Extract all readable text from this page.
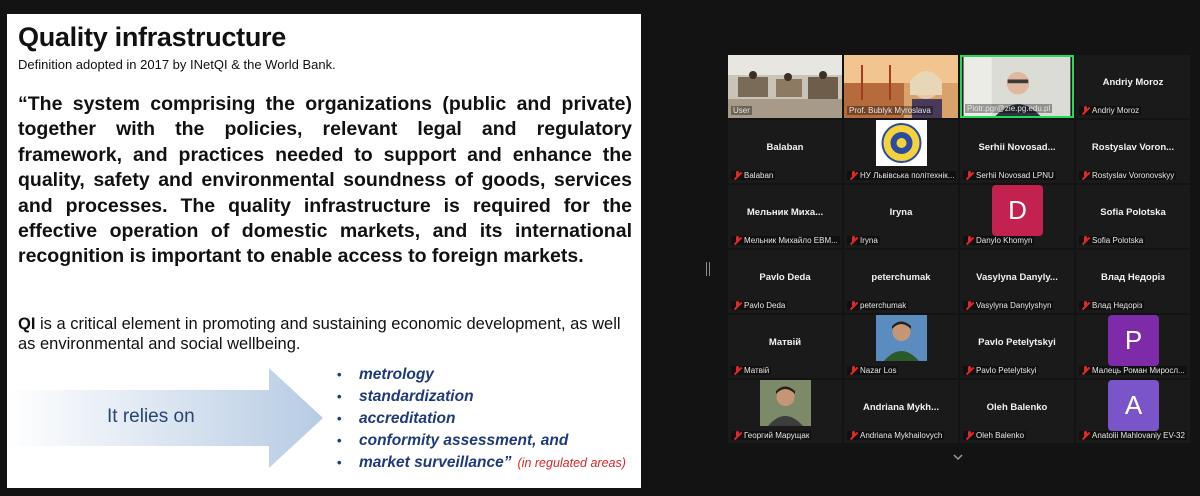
Quality infrastructure
Definition adopted in 2017 by INetQI & the World Bank.
“The system comprising the organizations (public and private) together with the policies, relevant legal and regulatory framework, and practices needed to support and enhance the quality, safety and environmental soundness of goods, services and processes. The quality infrastructure is required for the effective operation of domestic markets, and its international recognition is important to enable access to foreign markets.
QI is a critical element in promoting and sustaining economic development, as well as environmental and social wellbeing.
It relies on
• metrology
• standardization
• accreditation
• conformity assessment, and
• market surveillance” (in regulated areas)
User	Prof. Bublyk Myroslava	Piotr.pgr@zie.pg.edu.pl
Andriy Moroz
Andriy Moroz
Balaban
Balaban	НУ Львівська політехнік...
Serhii Novosad...
Serhii Novosad LPNU
Rostyslav Voron...
Rostyslav Voronovskyy
Мельник Миха...
Мельник Михайло ЕВМ...
Iryna
Iryna
D
Danylo Khomyn
Sofia Polotska
Sofia Polotska
Pavlo Deda
Pavlo Deda
peterchumak
peterchumak
Vasylyna Danyly...
Vasylyna Danylyshyn
Влад Недоріз
Влад Недоріз
Матвій
Матвій	Nazar Los
Pavlo Petelytskyi
Pavlo Petelytskyi
P
Малець Роман Миросл...
Георгий Марущак
Andriana Mykh...
Andriana Mykhailovych
Oleh Balenko
Oleh Balenko
A
Anatolii Mahlovaniy EV-32
